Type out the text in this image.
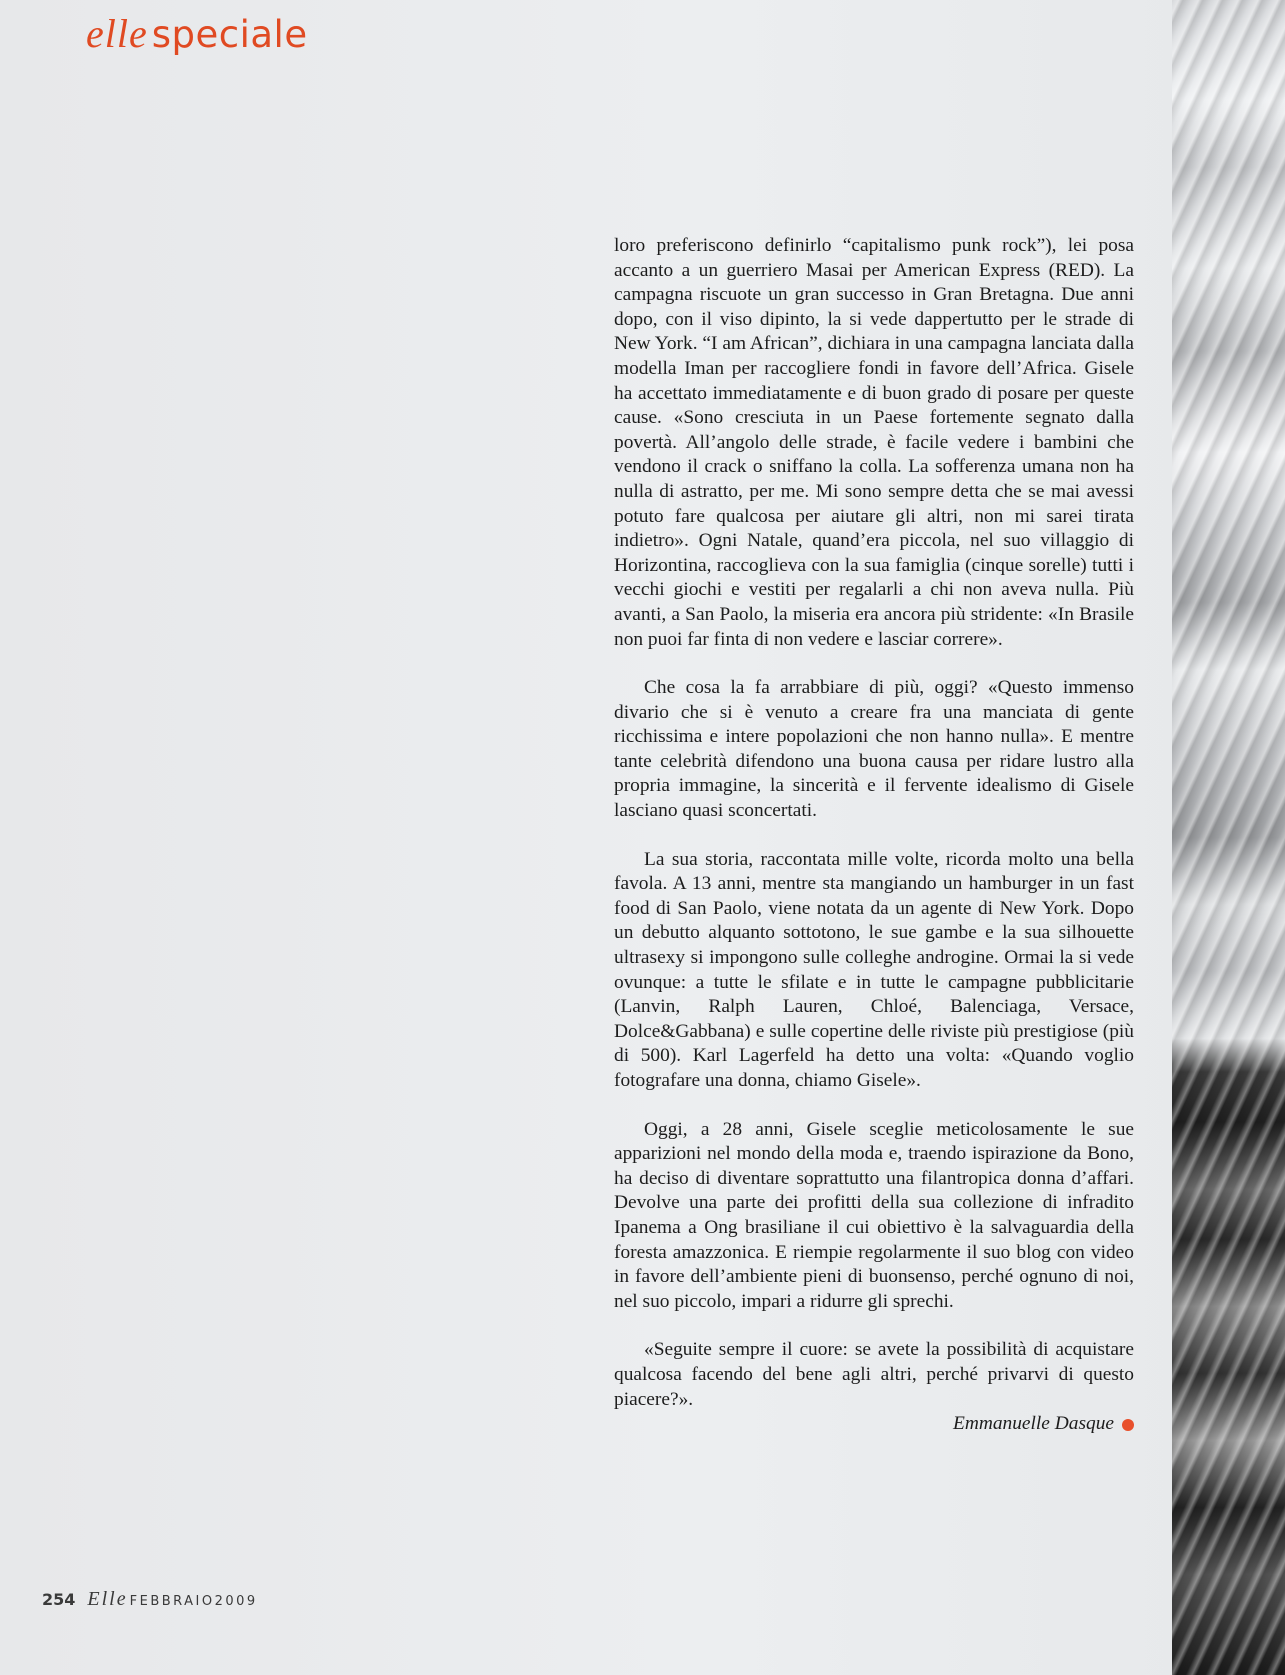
elle speciale

loro preferiscono definirlo “capitalismo punk rock”), lei posa accanto a un guerriero Masai per American Express (RED). La campagna riscuote un gran successo in Gran Bretagna. Due anni dopo, con il viso dipinto, la si vede dappertutto per le strade di New York. “I am African”, dichiara in una campagna lanciata dalla modella Iman per raccogliere fondi in favore dell’Africa. Gisele ha accettato immediatamente e di buon grado di posare per queste cause. «Sono cresciuta in un Paese fortemente segnato dalla povertà. All’angolo delle strade, è facile vedere i bambini che vendono il crack o sniffano la colla. La sofferenza umana non ha nulla di astratto, per me. Mi sono sempre detta che se mai avessi potuto fare qualcosa per aiutare gli altri, non mi sarei tirata indietro». Ogni Natale, quand’era piccola, nel suo villaggio di Horizontina, raccoglieva con la sua famiglia (cinque sorelle) tutti i vecchi giochi e vestiti per regalarli a chi non aveva nulla. Più avanti, a San Paolo, la miseria era ancora più stridente: «In Brasile non puoi far finta di non vedere e lasciar correre».

Che cosa la fa arrabbiare di più, oggi? «Questo immenso divario che si è venuto a creare fra una manciata di gente ricchissima e intere popolazioni che non hanno nulla». E mentre tante celebrità difendono una buona causa per ridare lustro alla propria immagine, la sincerità e il fervente idealismo di Gisele lasciano quasi sconcertati.

La sua storia, raccontata mille volte, ricorda molto una bella favola. A 13 anni, mentre sta mangiando un hamburger in un fast food di San Paolo, viene notata da un agente di New York. Dopo un debutto alquanto sottotono, le sue gambe e la sua silhouette ultrasexy si impongono sulle colleghe androgine. Ormai la si vede ovunque: a tutte le sfilate e in tutte le campagne pubblicitarie (Lanvin, Ralph Lauren, Chloé, Balenciaga, Versace, Dolce&Gabbana) e sulle copertine delle riviste più prestigiose (più di 500). Karl Lagerfeld ha detto una volta: «Quando voglio fotografare una donna, chiamo Gisele».

Oggi, a 28 anni, Gisele sceglie meticolosamente le sue apparizioni nel mondo della moda e, traendo ispirazione da Bono, ha deciso di diventare soprattutto una filantropica donna d’affari. Devolve una parte dei profitti della sua collezione di infradito Ipanema a Ong brasiliane il cui obiettivo è la salvaguardia della foresta amazzonica. E riempie regolarmente il suo blog con video in favore dell’ambiente pieni di buonsenso, perché ognuno di noi, nel suo piccolo, impari a ridurre gli sprechi.

«Seguite sempre il cuore: se avete la possibilità di acquistare qualcosa facendo del bene agli altri, perché privarvi di questo piacere?».
Emmanuelle Dasque

254 Elle FEBBRAIO2009
